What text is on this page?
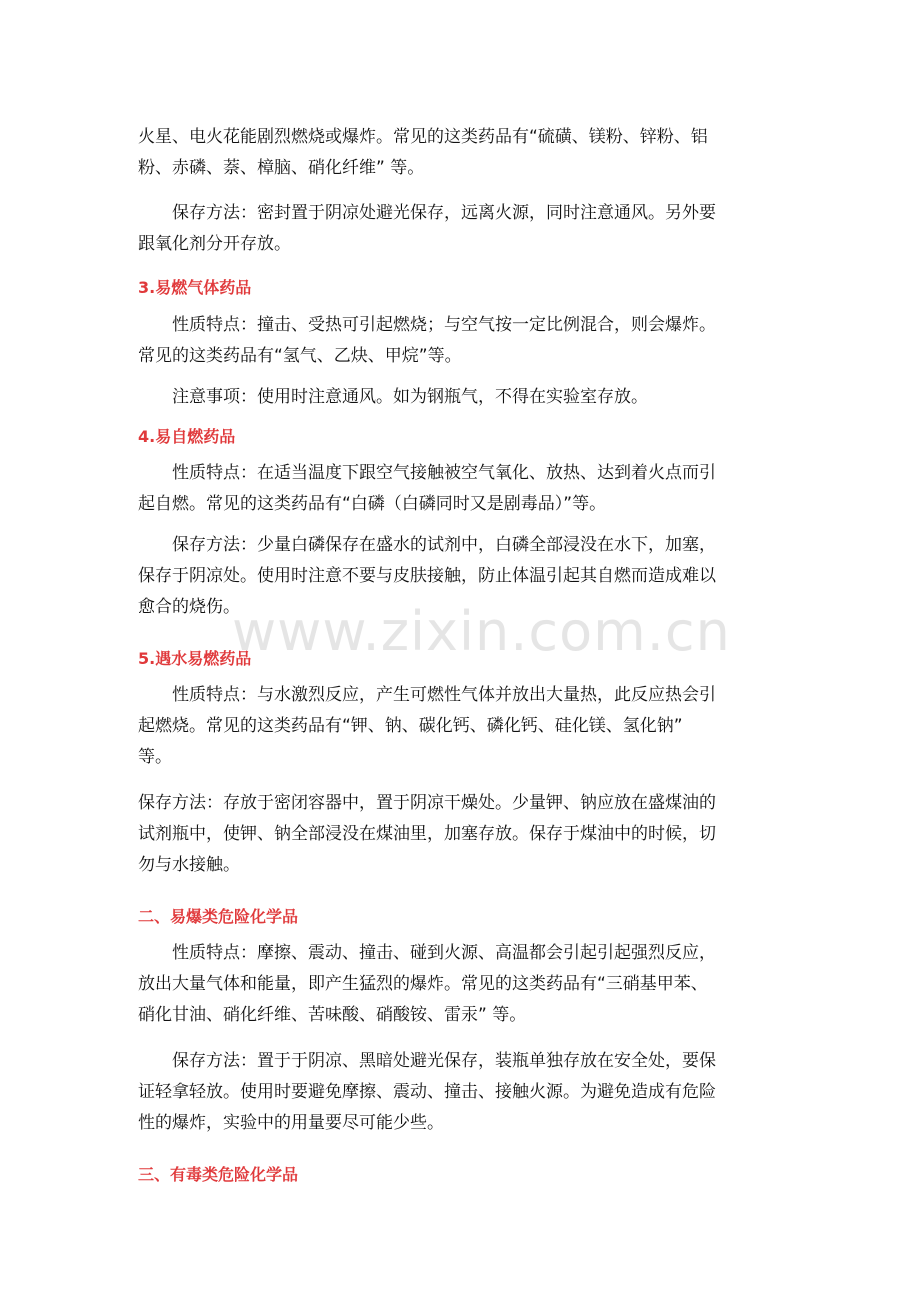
火星、电火花能剧烈燃烧或爆炸。常见的这类药品有“硫磺、镁粉、锌粉、铝
粉、赤磷、萘、樟脑、硝化纤维” 等。

保存方法：密封置于阴凉处避光保存，远离火源，同时注意通风。另外要
跟氧化剂分开存放。

3.易燃气体药品

性质特点：撞击、受热可引起燃烧；与空气按一定比例混合，则会爆炸。
常见的这类药品有“氢气、乙炔、甲烷”等。

注意事项：使用时注意通风。如为钢瓶气，不得在实验室存放。

4.易自燃药品

性质特点：在适当温度下跟空气接触被空气氧化、放热、达到着火点而引
起自燃。常见的这类药品有“白磷（白磷同时又是剧毒品）”等。

保存方法：少量白磷保存在盛水的试剂中，白磷全部浸没在水下，加塞，
保存于阴凉处。使用时注意不要与皮肤接触，防止体温引起其自燃而造成难以
愈合的烧伤。

5.遇水易燃药品

性质特点：与水激烈反应，产生可燃性气体并放出大量热，此反应热会引
起燃烧。常见的这类药品有“钾、钠、碳化钙、磷化钙、硅化镁、氢化钠”
等。

保存方法：存放于密闭容器中，置于阴凉干燥处。少量钾、钠应放在盛煤油的
试剂瓶中，使钾、钠全部浸没在煤油里，加塞存放。保存于煤油中的时候，切
勿与水接触。

二、易爆类危险化学品

性质特点：摩擦、震动、撞击、碰到火源、高温都会引起引起强烈反应，
放出大量气体和能量，即产生猛烈的爆炸。常见的这类药品有“三硝基甲苯、
硝化甘油、硝化纤维、苦味酸、硝酸铵、雷汞” 等。

保存方法：置于于阴凉、黑暗处避光保存，装瓶单独存放在安全处，要保
证轻拿轻放。使用时要避免摩擦、震动、撞击、接触火源。为避免造成有危险
性的爆炸，实验中的用量要尽可能少些。

三、有毒类危险化学品
www.zixin.com.cn
